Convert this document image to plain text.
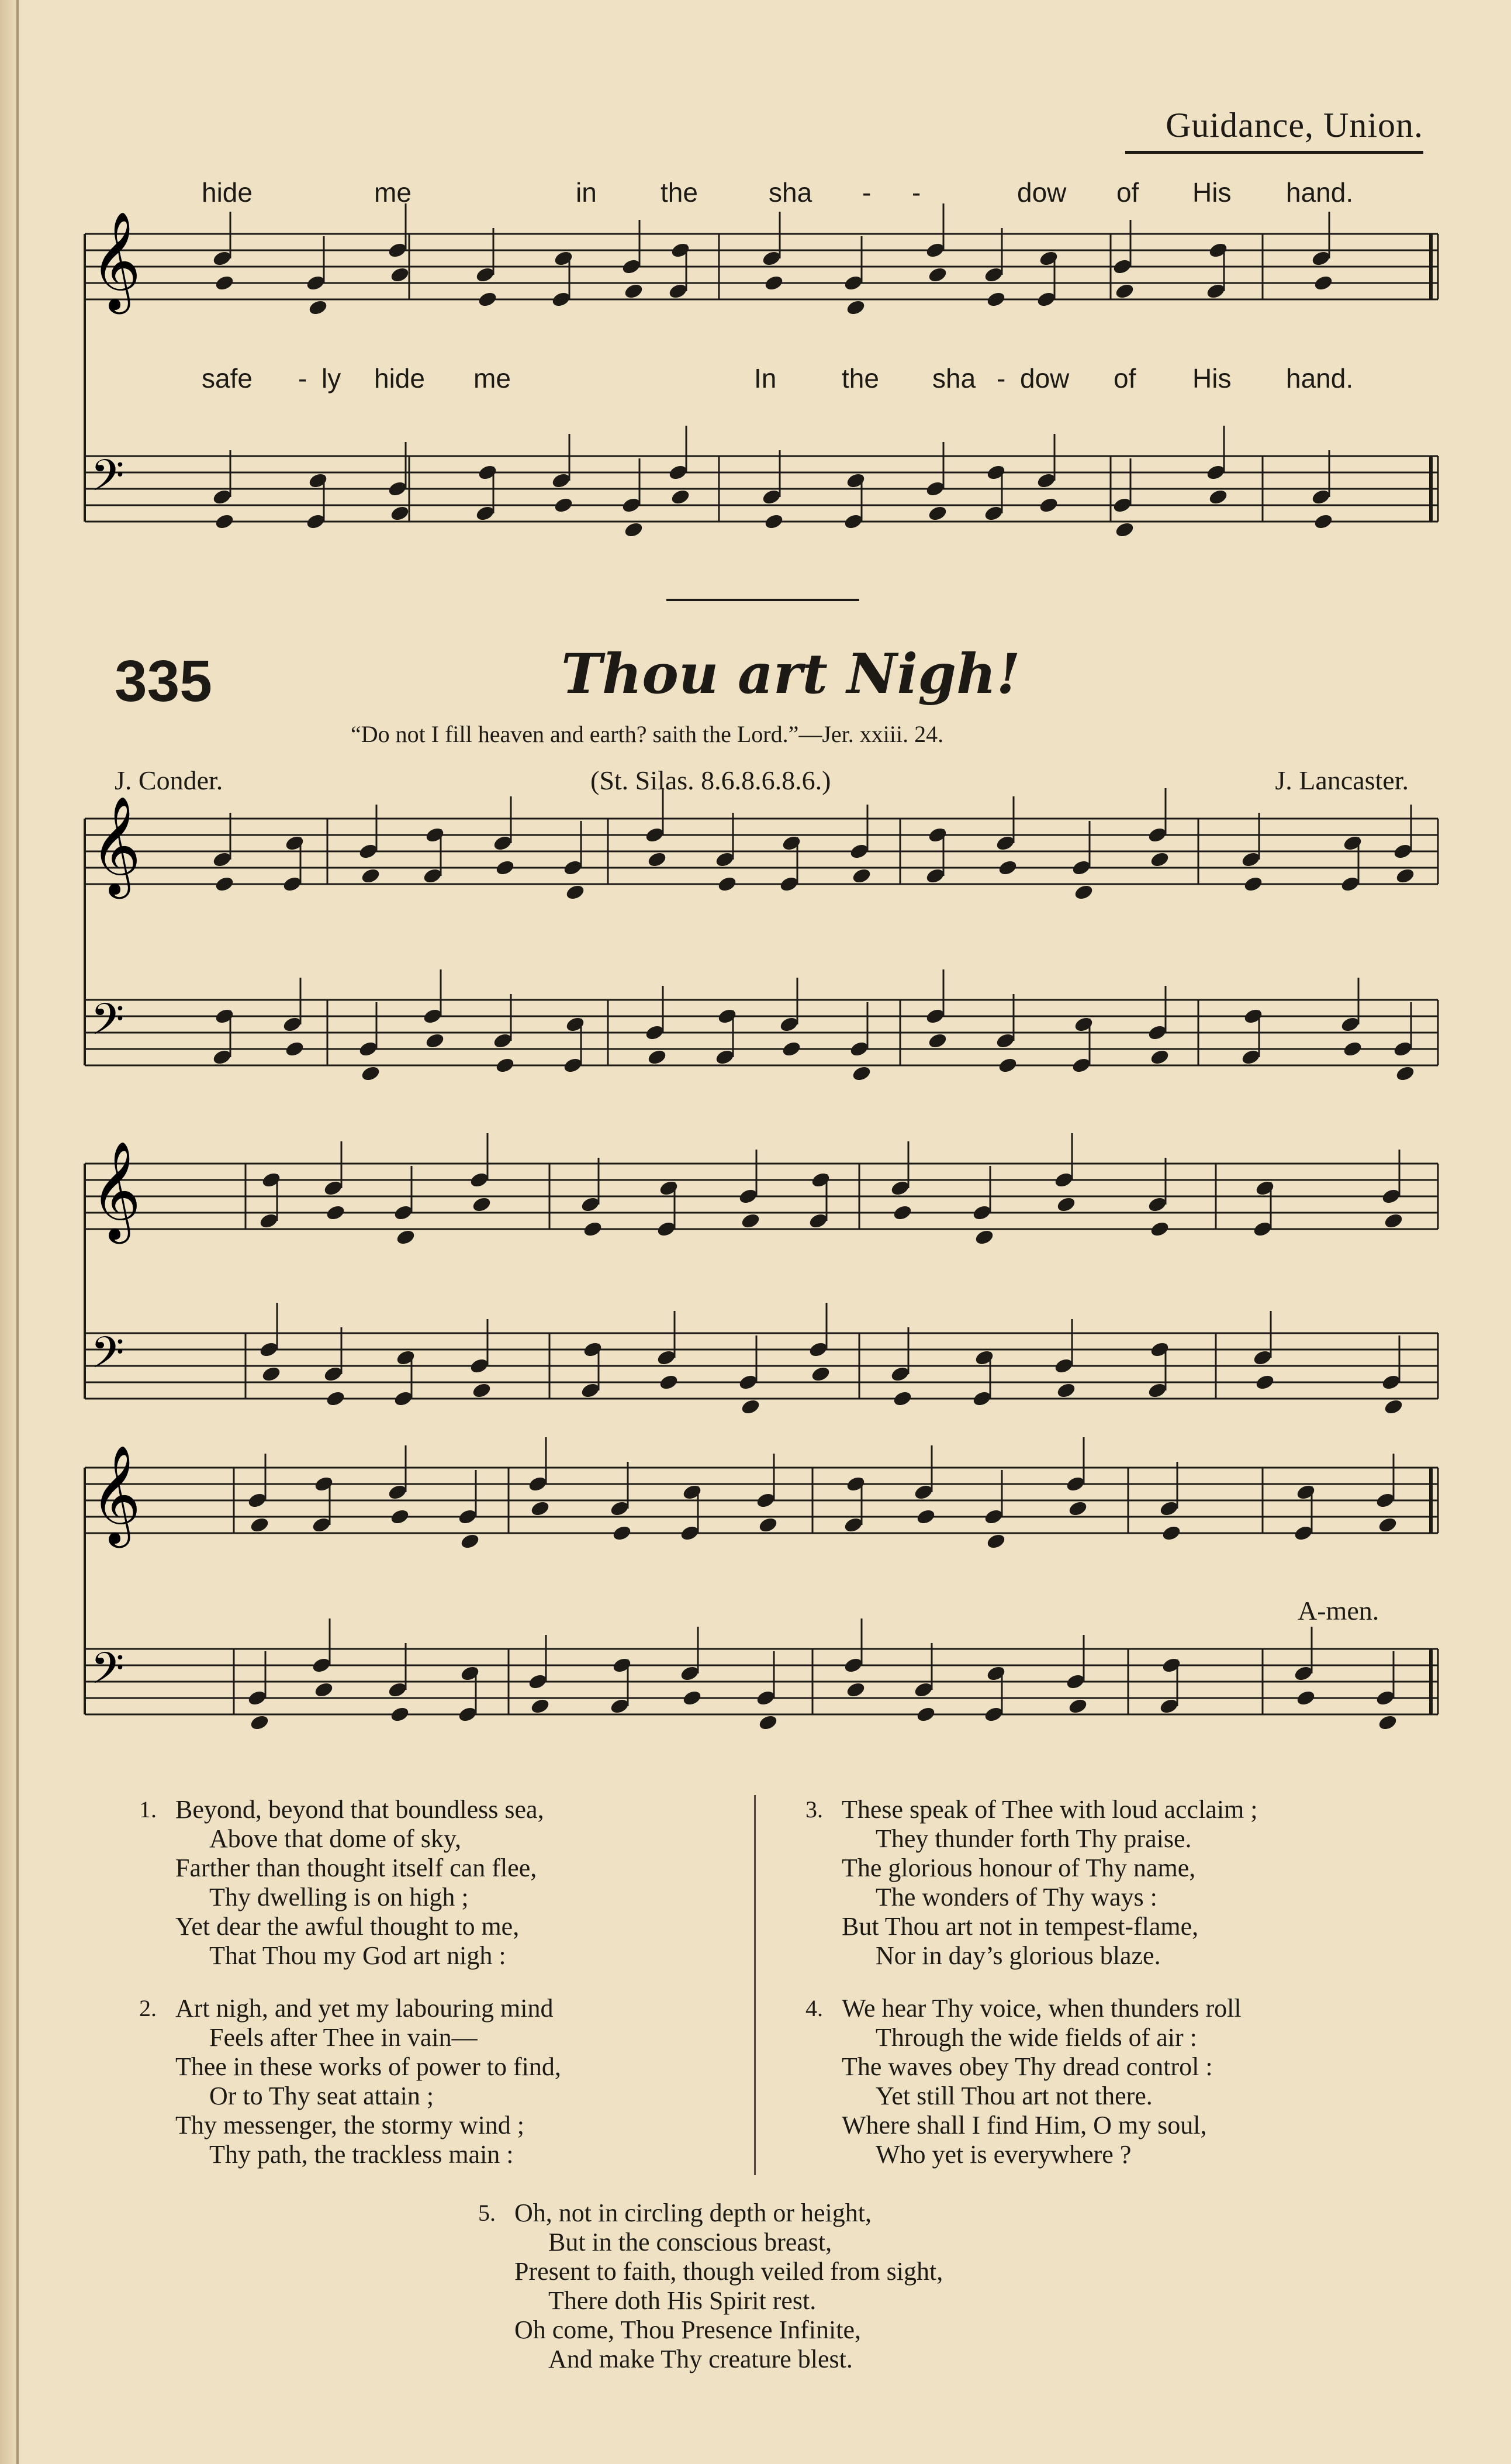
Guidance, Union.
hide	me	in the	sha - -	dow of His hand.
safe - ly hide me	In the sha - dow of His hand.
𝄞
𝄢
𝄞
𝄢
𝄞
𝄢
𝄞
𝄢
335	Thou art Nigh!
“Do not I fill heaven and earth? saith the Lord.”—Jer. xxiii. 24.
J. Conder.	(St. Silas. 8.6.8.6.8.6.)	J. Lancaster.
A-men.
1. Beyond, beyond that boundless sea,
Above that dome of sky,
Farther than thought itself can flee,
Thy dwelling is on high ;
Yet dear the awful thought to me,
That Thou my God art nigh :
2. Art nigh, and yet my labouring mind
Feels after Thee in vain—
Thee in these works of power to find,
Or to Thy seat attain ;
Thy messenger, the stormy wind ;
Thy path, the trackless main :
3. These speak of Thee with loud acclaim ;
They thunder forth Thy praise.
The glorious honour of Thy name,
The wonders of Thy ways :
But Thou art not in tempest-flame,
Nor in day’s glorious blaze.
4. We hear Thy voice, when thunders roll
Through the wide fields of air :
The waves obey Thy dread control :
Yet still Thou art not there.
Where shall I find Him, O my soul,
Who yet is everywhere ?
5. Oh, not in circling depth or height,
But in the conscious breast,
Present to faith, though veiled from sight,
There doth His Spirit rest.
Oh come, Thou Presence Infinite,
And make Thy creature blest.
